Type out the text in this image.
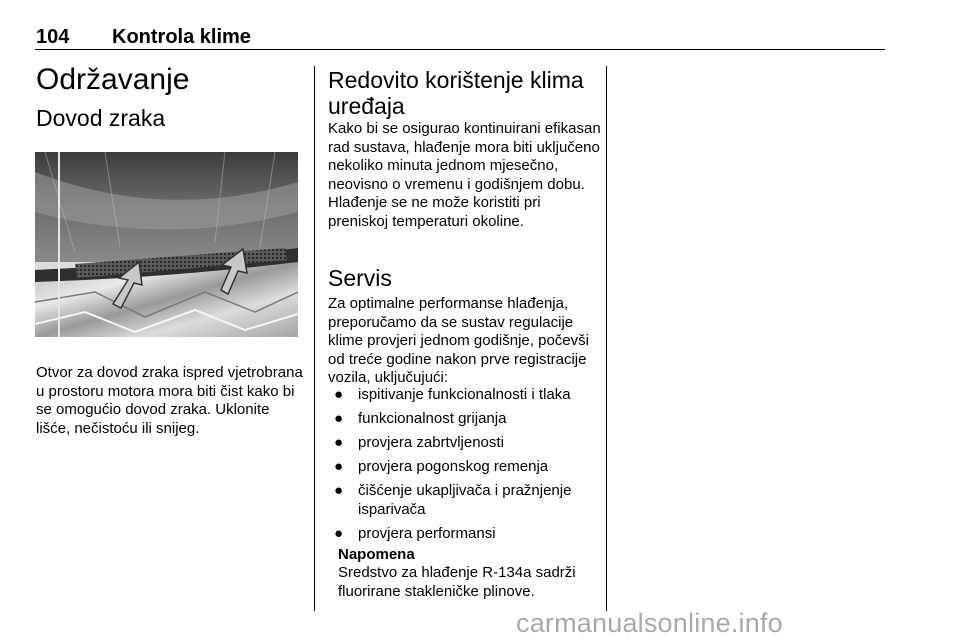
104 Kontrola klime
Održavanje
Dovod zraka
Otvor za dovod zraka ispred vjetrobrana u prostoru motora mora biti čist kako bi se omogućio dovod zraka. Uklonite lišće, nečistoću ili snijeg.
Redovito korištenje klima uređaja
Kako bi se osigurao kontinuirani efikasan rad sustava, hlađenje mora biti uključeno nekoliko minuta jednom mjesečno, neovisno o vremenu i godišnjem dobu. Hlađenje se ne može koristiti pri preniskoj temperaturi okoline.
Servis
Za optimalne performanse hlađenja, preporučamo da se sustav regulacije klime provjeri jednom godišnje, počevši od treće godine nakon prve registracije vozila, uključujući:
● ispitivanje funkcionalnosti i tlaka
● funkcionalnost grijanja
● provjera zabrtvljenosti
● provjera pogonskog remenja
● čišćenje ukapljivača i pražnjenje isparivača
● provjera performansi
Napomena
Sredstvo za hlađenje R-134a sadrži fluorirane stakleničke plinove.
carmanualsonline.info
